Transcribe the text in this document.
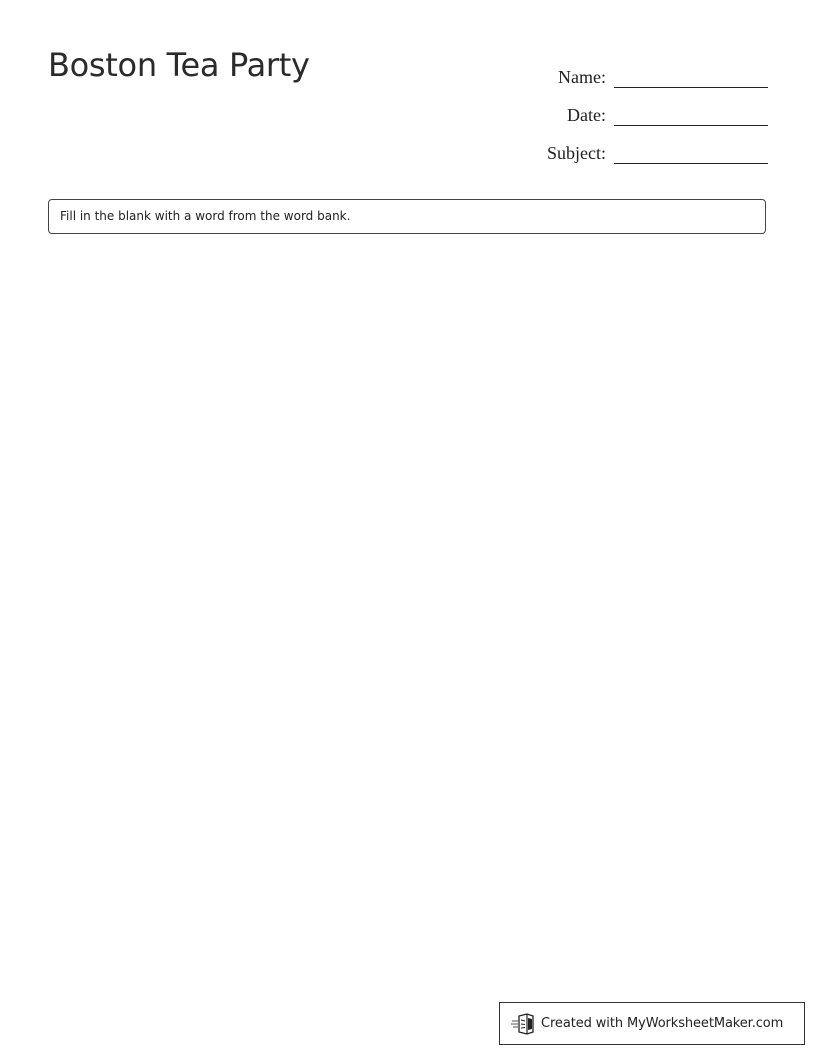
Boston Tea Party	Name:
Date:
Subject:
Fill in the blank with a word from the word bank.
Created with MyWorksheetMaker.com
